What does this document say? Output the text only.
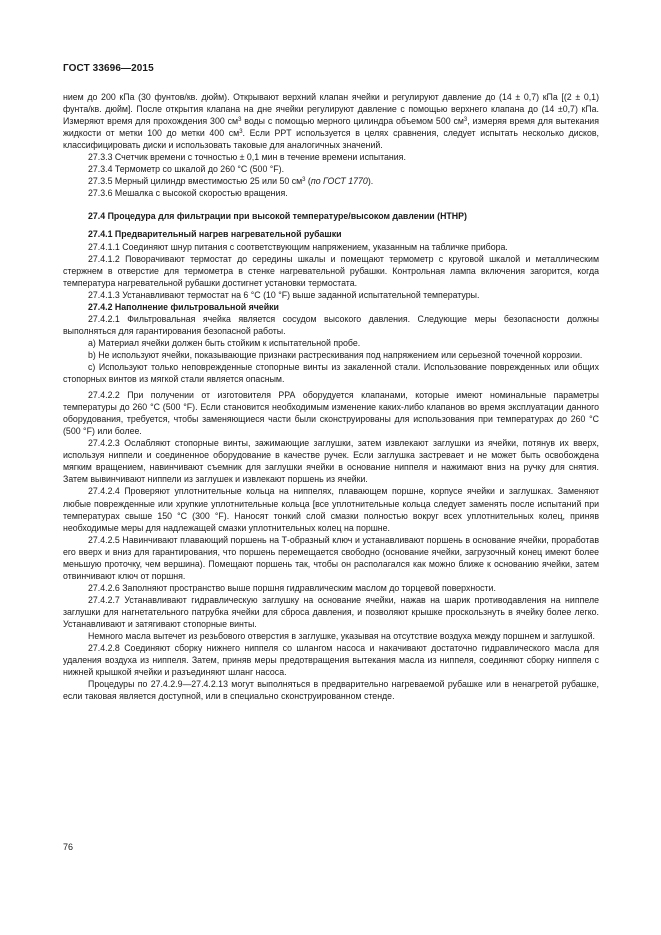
ГОСТ 33696—2015

нием до 200 кПа (30 фунтов/кв. дюйм). Открывают верхний клапан ячейки и регулируют давление до (14 ± 0,7) кПа [(2 ± 0,1) фунта/кв. дюйм]. После открытия клапана на дне ячейки регулируют давление с помощью верхнего клапана до (14 ±0,7) кПа. Измеряют время для прохождения 300 $см^3$ воды с помощью мерного цилиндра объемом 500 $см^3$, измеряя время для вытекания жидкости от метки 100 до метки 400 $см^3$. Если PPT используется в целях сравнения, следует испытать несколько дисков, классифицировать диски и использовать таковые для аналогичных значений.

27.3.3 Счетчик времени с точностью ± 0,1 мин в течение времени испытания.

27.3.4 Термометр со шкалой до 260 °С (500 °F).

27.3.5 Мерный цилиндр вместимостью 25 или 50 $см^3$ (по ГОСТ 1770).

27.3.6 Мешалка с высокой скоростью вращения.

27.4 Процедура для фильтрации при высокой температуре/высоком давлении (НТНР)
27.4.1 Предварительный нагрев нагревательной рубашки

27.4.1.1 Соединяют шнур питания с соответствующим напряжением, указанным на табличке прибора.

27.4.1.2 Поворачивают термостат до середины шкалы и помещают термометр с круговой шкалой и металлическим стержнем в отверстие для термометра в стенке нагревательной рубашки. Контрольная лампа включения загорится, когда температура нагревательной рубашки достигнет установки термостата.

27.4.1.3 Устанавливают термостат на 6 °С (10 °F) выше заданной испытательной температуры.

27.4.2 Наполнение фильтровальной ячейки

27.4.2.1 Фильтровальная ячейка является сосудом высокого давления. Следующие меры безопасности должны выполняться для гарантирования безопасной работы.

a) Материал ячейки должен быть стойким к испытательной пробе.

b) Не используют ячейки, показывающие признаки растрескивания под напряжением или серьезной точечной коррозии.

с) Используют только неповрежденные стопорные винты из закаленной стали. Использование поврежденных или общих стопорных винтов из мягкой стали является опасным.

27.4.2.2 При получении от изготовителя РРА оборудуется клапанами, которые имеют номинальные параметры температуры до 260 °С (500 °F). Если становится необходимым изменение каких-либо клапанов во время эксплуатации данного оборудования, требуется, чтобы заменяющиеся части были сконструированы для использования при температурах до 260 °С (500 °F) или более.

27.4.2.3 Ослабляют стопорные винты, зажимающие заглушки, затем извлекают заглушки из ячейки, потянув их вверх, используя ниппели и соединенное оборудование в качестве ручек. Если заглушка застревает и не может быть освобождена мягким вращением, навинчивают съемник для заглушки ячейки в основание ниппеля и нажимают вниз на ручку для снятия. Затем вывинчивают ниппели из заглушек и извлекают поршень из ячейки.

27.4.2.4 Проверяют уплотнительные кольца на ниппелях, плавающем поршне, корпусе ячейки и заглушках. Заменяют любые поврежденные или хрупкие уплотнительные кольца [все уплотнительные кольца следует заменять после испытаний при температурах свыше 150 °С (300 °F). Наносят тонкий слой смазки полностью вокруг всех уплотнительных колец, приняв необходимые меры для надлежащей смазки уплотнительных колец на поршне.

27.4.2.5 Навинчивают плавающий поршень на Т-образный ключ и устанавливают поршень в основание ячейки, проработав его вверх и вниз для гарантирования, что поршень перемещается свободно (основание ячейки, загрузочный конец имеют более меньшую проточку, чем вершина). Помещают поршень так, чтобы он располагался как можно ближе к основанию ячейки, затем отвинчивают ключ от поршня.

27.4.2.6 Заполняют пространство выше поршня гидравлическим маслом до торцевой поверхности.

27.4.2.7 Устанавливают гидравлическую заглушку на основание ячейки, нажав на шарик противодавления на ниппеле заглушки для нагнетательного патрубка ячейки для сброса давления, и позволяют крышке проскользнуть в ячейку более легко. Устанавливают и затягивают стопорные винты.

Немного масла вытечет из резьбового отверстия в заглушке, указывая на отсутствие воздуха между поршнем и заглушкой.

27.4.2.8 Соединяют сборку нижнего ниппеля со шлангом насоса и накачивают достаточно гидравлического масла для удаления воздуха из ниппеля. Затем, приняв меры предотвращения вытекания масла из ниппеля, соединяют сборку ниппеля с нижней крышкой ячейки и разъединяют шланг насоса.

Процедуры по 27.4.2.9—27.4.2.13 могут выполняться в предварительно нагреваемой рубашке или в ненагретой рубашке, если таковая является доступной, или в специально сконструированном стенде.

76
